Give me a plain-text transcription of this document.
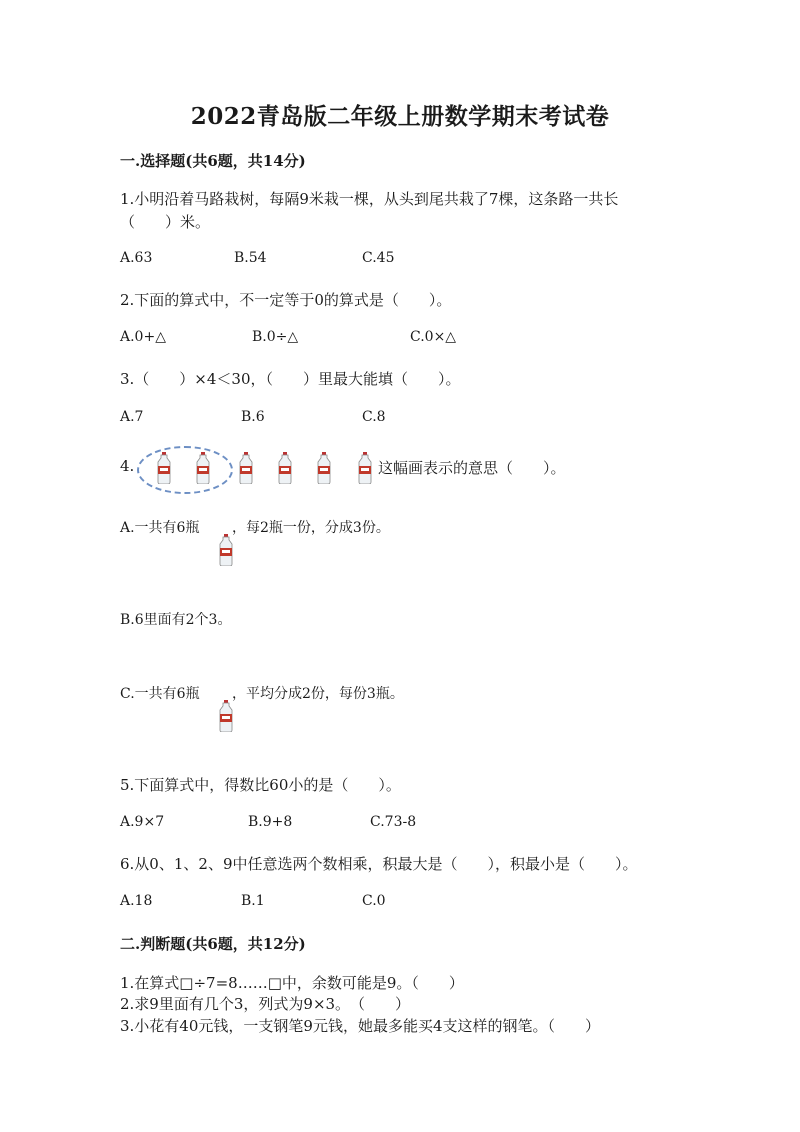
2022青岛版二年级上册数学期末考试卷
一.选择题(共6题，共14分)
1.小明沿着马路栽树，每隔9米栽一棵，从头到尾共栽了7棵，这条路一共长
（　　）米。
A.63	B.54	C.45
2.下面的算式中，不一定等于0的算式是（　　）。
A.0+△	B.0÷△	C.0×△
3.（　　）×4＜30，（　　）里最大能填（　　）。
A.7	B.6	C.8
4.	这幅画表示的意思（　　）。
A.一共有6瓶 ，每2瓶一份，分成3份。
B.6里面有2个3。
C.一共有6瓶 ，平均分成2份，每份3瓶。
5.下面算式中，得数比60小的是（　　）。
A.9×7	B.9+8	C.73-8
6.从0、1、2、9中任意选两个数相乘，积最大是（　　），积最小是（　　）。
A.18	B.1	C.0
二.判断题(共6题，共12分)
1.在算式□÷7=8……□中，余数可能是9。（　　）
2.求9里面有几个3，列式为9×3。　（　　）
3.小花有40元钱，一支钢笔9元钱，她最多能买4支这样的钢笔。（　　）
